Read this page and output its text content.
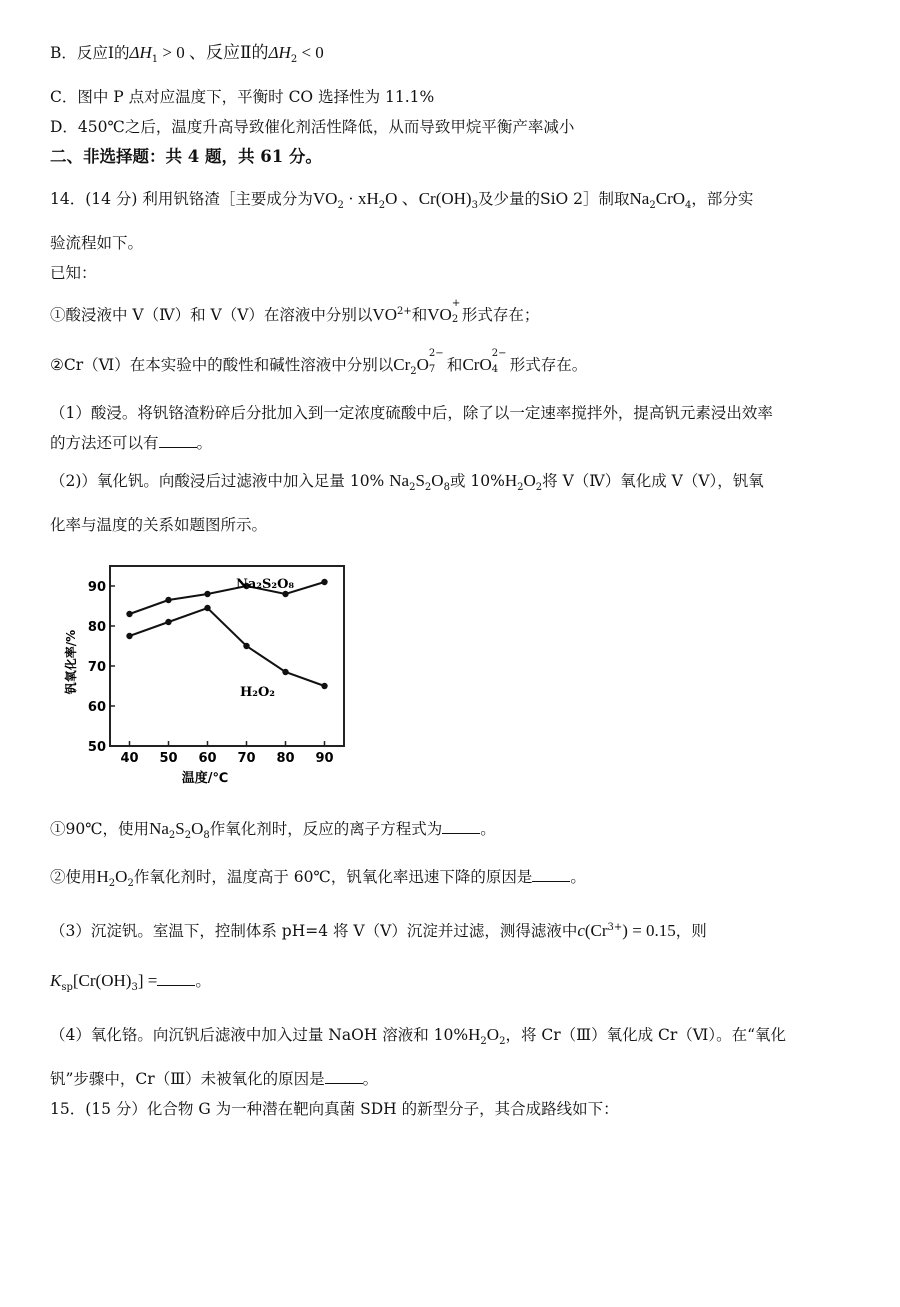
B．反应Ⅰ的$\Delta H_1 > 0$ 、反应Ⅱ的$\Delta H_2 < 0$
C．图中 P 点对应温度下，平衡时 CO 选择性为 11.1%
D．450℃之后，温度升高导致催化剂活性降低，从而导致甲烷平衡产率减小
二、非选择题：共 4 题，共 61 分。
14．(14 分) 利用钒铬渣［主要成分为$VO_2 \cdot xH_2O$ 、$Cr(OH)_3$及少量的SiO 2］制取$Na_2CrO_4$，部分实
验流程如下。
已知：
①酸浸液中 V（Ⅳ）和 V（Ⅴ）在溶液中分别以$VO^{2+}$和VO
+
2 形式存在；
②Cr（Ⅵ）在本实验中的酸性和碱性溶液中分别以$Cr_2O$
2−
7 和CrO
2−
4 形式存在。
（1）酸浸。将钒铬渣粉碎后分批加入到一定浓度硫酸中后，除了以一定速率搅拌外，提高钒元素浸出效率
的方法还可以有 。
（2)）氧化钒。向酸浸后过滤液中加入足量 10% $Na_2S_2O_8$或 $10\%H_2O_2$将 V（Ⅳ）氧化成 V（Ⅴ），钒氧
化率与温度的关系如题图所示。
50
60
70
80
90
40 50 60 70 80 90
温度/℃
钒氧化率/%
Na₂S₂O₈
H₂O₂
①90℃，使用$Na_2S_2O_8$作氧化剂时，反应的离子方程式为 。
②使用$H_2O_2$作氧化剂时，温度高于 60℃，钒氧化率迅速下降的原因是 。
（3）沉淀钒。室温下，控制体系 pH=4 将 V（Ⅴ）沉淀并过滤，测得滤液中$c(Cr^{3+}) = 0.15$，则
$K_{sp}[Cr(OH)_3]$ = 。
（4）氧化铬。向沉钒后滤液中加入过量 NaOH 溶液和 $10\%H_2O_2$，将 Cr（Ⅲ）氧化成 Cr（Ⅵ）。在“氧化
钒”步骤中，Cr（Ⅲ）未被氧化的原因是 。
15．(15 分）化合物 G 为一种潜在靶向真菌 SDH 的新型分子，其合成路线如下：
